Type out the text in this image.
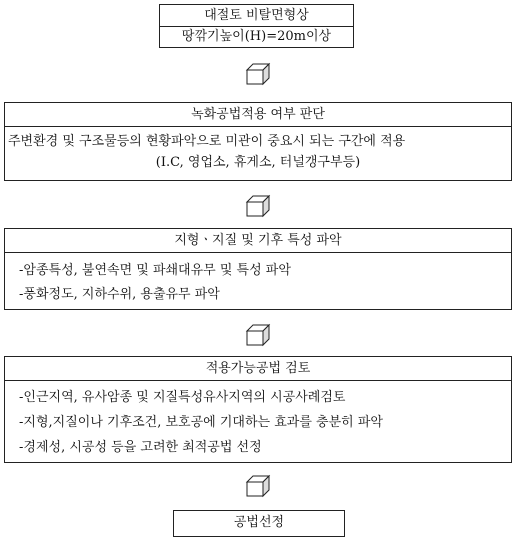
대절토 비탈면형상
땅깎기높이(H)=20m이상
녹화공법적용 여부 판단
주변환경 및 구조물등의 현황파악으로 미관이 중요시 되는 구간에 적용
(I.C, 영업소, 휴게소, 터널갱구부등)
지형ㆍ지질 및 기후 특성 파악
-암종특성, 불연속면 및 파쇄대유무 및 특성 파악
-풍화정도, 지하수위, 용출유무 파악
적용가능공법 검토
-인근지역, 유사암종 및 지질특성유사지역의 시공사례검토
-지형,지질이나 기후조건, 보호공에 기대하는 효과를 충분히 파악
-경제성, 시공성 등을 고려한 최적공법 선정
공법선정
